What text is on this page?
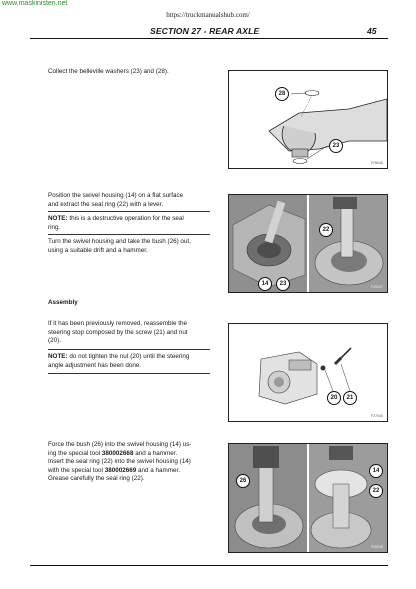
www.maskinisten.net
https://truckmanualshub.com/
SECTION 27 - REAR AXLE	45
Collect the belleville washers (23) and (28).
28
23
F25046
Position the swivel housing (14) on a flat surface
and extract the seal ring (22) with a lever.
NOTE: this is a destructive operation for the seal
ring.
Turn the swivel housing and take the bush (26) out,
using a suitable drift and a hammer.
22
14	23	F25047
Assembly
If it has been previously removed, reassemble the
steering stop composed by the screw (21) and nut
(20).
NOTE: do not tighten the nut (20) until the steering
angle adjustment has been done.
20	21
F27040
Force the bush (26) into the swivel housing (14) us-
ing the special tool 380002668 and a hammer.
Insert the seal ring (22) into the swivel housing (14)
with the special tool 380002669 and a hammer.
Grease carefully the seal ring (22).	26
14
22
F25048
